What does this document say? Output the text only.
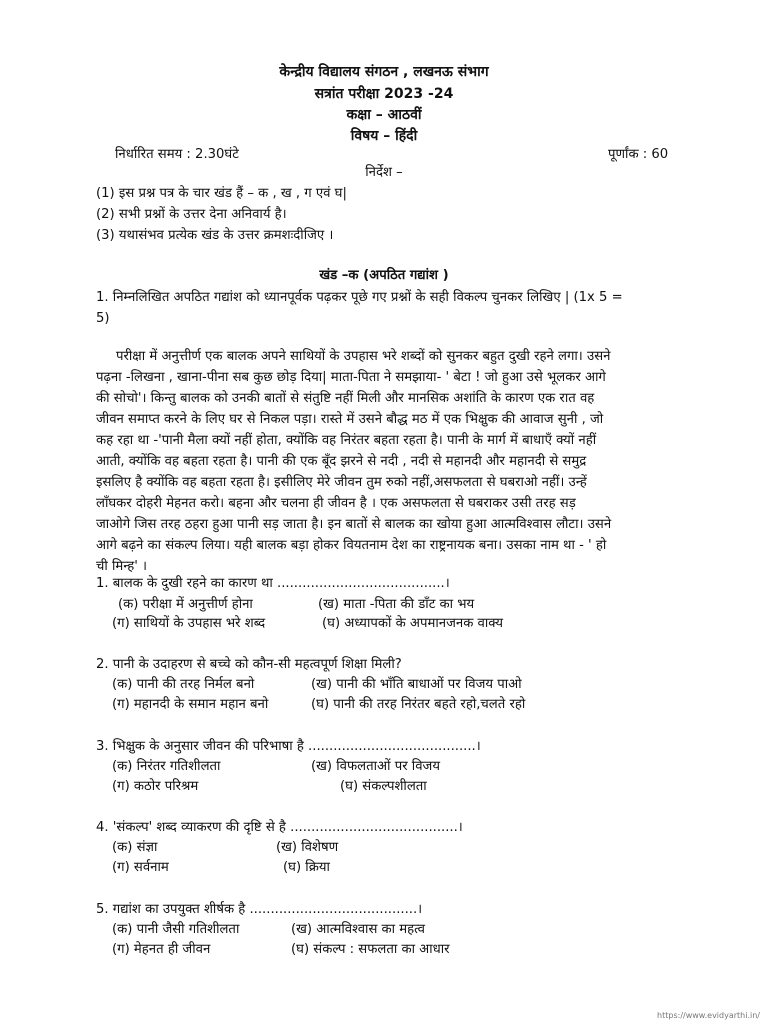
केन्द्रीय विद्यालय संगठन , लखनऊ संभाग
सत्रांत परीक्षा 2023 -24
कक्षा – आठवीं
विषय – हिंदी
निर्धारित समय : 2.30घंटे	पूर्णांक : 60
निर्देश –
(1) इस प्रश्न पत्र के चार खंड हैं – क , ख , ग एवं घ|
(2) सभी प्रश्नों के उत्तर देना अनिवार्य है।
(3) यथासंभव प्रत्येक खंड के उत्तर क्रमशःदीजिए ।
खंड –क (अपठित गद्यांश )
1. निम्नलिखित अपठित गद्यांश को ध्यानपूर्वक पढ़कर पूछे गए प्रश्नों के सही विकल्प चुनकर लिखिए | (1x 5 =
5)
परीक्षा में अनुत्तीर्ण एक बालक अपने साथियों के उपहास भरे शब्दों को सुनकर बहुत दुखी रहने लगा। उसने
पढ़ना -लिखना , खाना-पीना सब कुछ छोड़ दिया| माता-पिता ने समझाया- ' बेटा ! जो हुआ उसे भूलकर आगे
की सोचो'। किन्तु बालक को उनकी बातों से संतुष्टि नहीं मिली और मानसिक अशांति के कारण एक रात वह
जीवन समाप्त करने के लिए घर से निकल पड़ा। रास्ते में उसने बौद्ध मठ में एक भिक्षुक की आवाज सुनी , जो
कह रहा था -'पानी मैला क्यों नहीं होता, क्योंकि वह निरंतर बहता रहता है। पानी के मार्ग में बाधाएँ क्यों नहीं
आती, क्योंकि वह बहता रहता है। पानी की एक बूँद झरने से नदी , नदी से महानदी और महानदी से समुद्र
इसलिए है क्योंकि वह बहता रहता है। इसीलिए मेरे जीवन तुम रुको नहीं,असफलता से घबराओ नहीं। उन्हें
लाँघकर दोहरी मेहनत करो। बहना और चलना ही जीवन है । एक असफलता से घबराकर उसी तरह सड़
जाओगे जिस तरह ठहरा हुआ पानी सड़ जाता है। इन बातों से बालक का खोया हुआ आत्मविश्वास लौटा। उसने
आगे बढ़ने का संकल्प लिया। यही बालक बड़ा होकर वियतनाम देश का राष्ट्रनायक बना। उसका नाम था - ' हो
ची मिन्ह' ।
1. बालक के दुखी रहने का कारण था ........................................।
(क) परीक्षा में अनुत्तीर्ण होना	(ख) माता -पिता की डाँट का भय
(ग) साथियों के उपहास भरे शब्द	(घ) अध्यापकों के अपमानजनक वाक्य
2. पानी के उदाहरण से बच्चे को कौन-सी महत्वपूर्ण शिक्षा मिली?
(क) पानी की तरह निर्मल बनो	(ख) पानी की भाँति बाधाओं पर विजय पाओ
(ग) महानदी के समान महान बनो	(घ) पानी की तरह निरंतर बहते रहो,चलते रहो
3. भिक्षुक के अनुसार जीवन की परिभाषा है ........................................।
(क) निरंतर गतिशीलता	(ख) विफलताओं पर विजय
(ग) कठोर परिश्रम	(घ) संकल्पशीलता
4. 'संकल्प' शब्द व्याकरण की दृष्टि से है ........................................।
(क) संज्ञा	(ख) विशेषण
(ग) सर्वनाम	(घ) क्रिया
5. गद्यांश का उपयुक्त शीर्षक है ........................................।
(क) पानी जैसी गतिशीलता	(ख) आत्मविश्वास का महत्व
(ग) मेहनत ही जीवन	(घ) संकल्प : सफलता का आधार
https://www.evidyarthi.in/
